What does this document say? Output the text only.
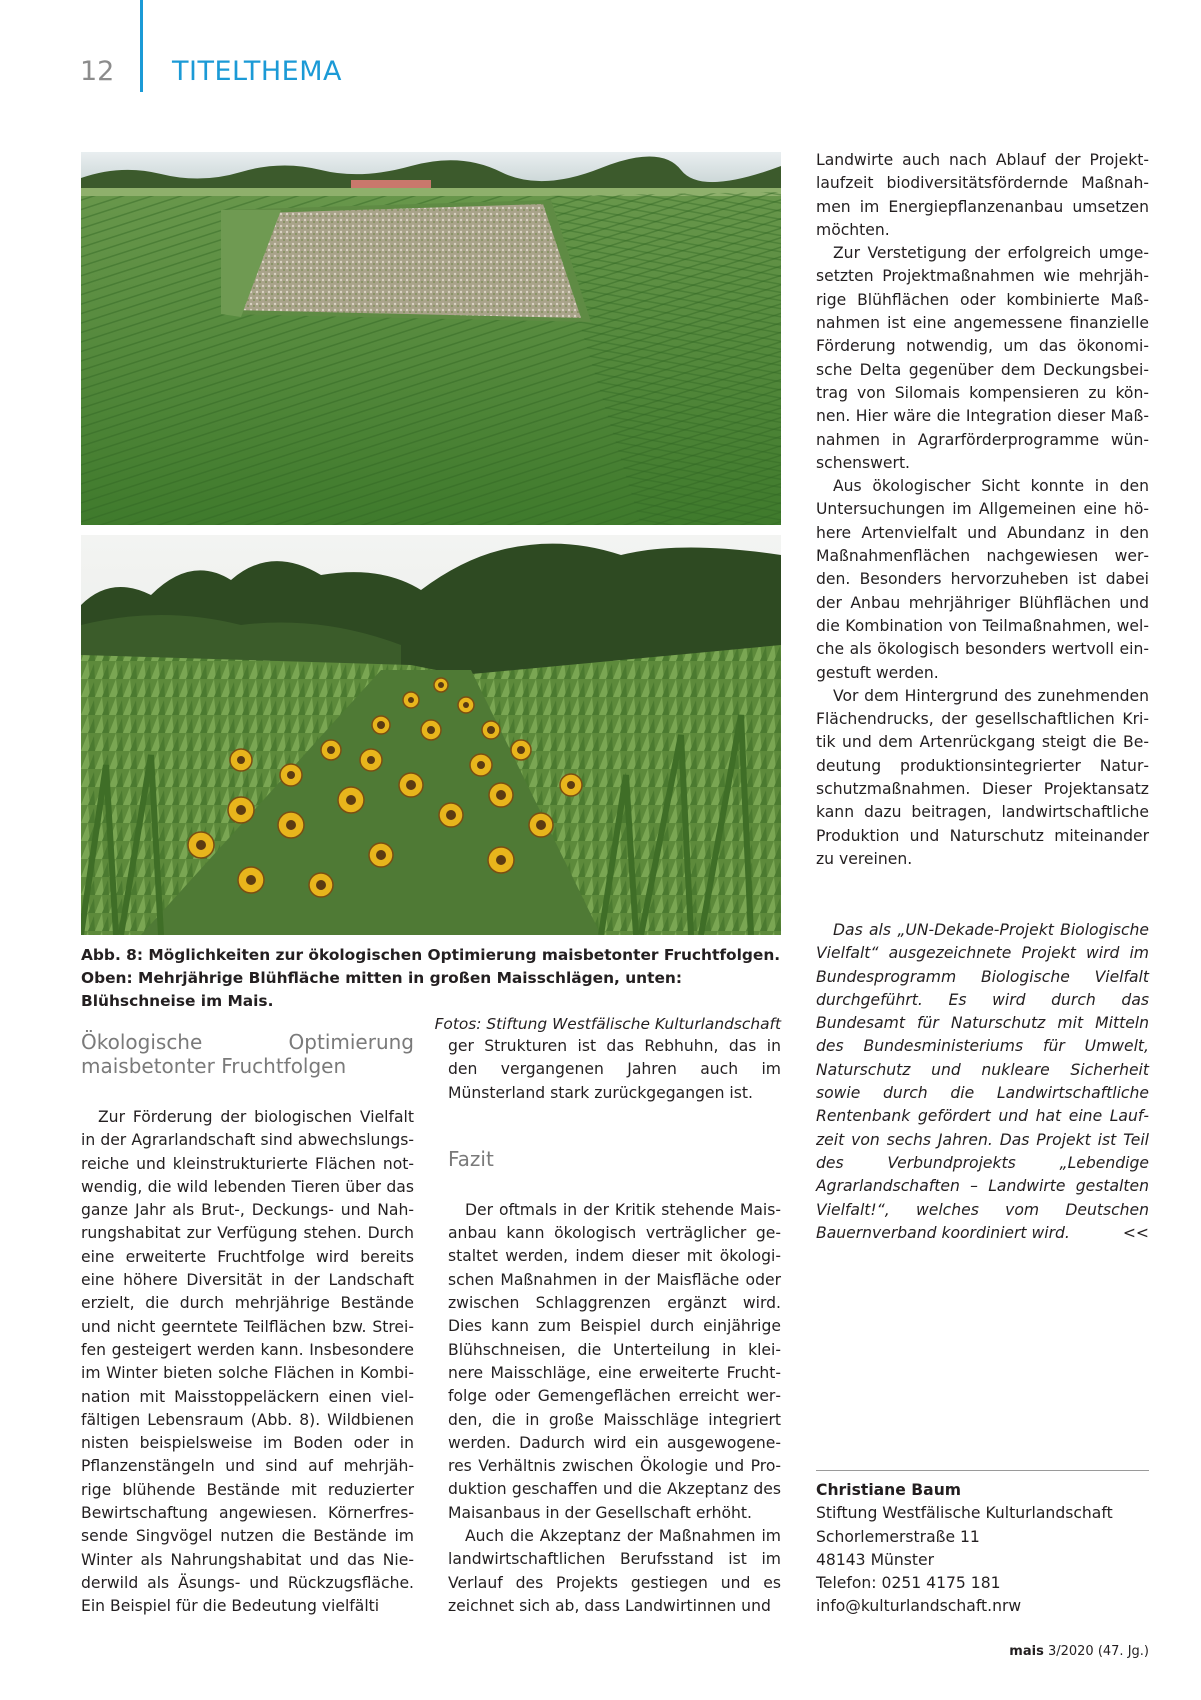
12 TITELTHEMA

Landwirte auch nach Ablauf der Projektlaufzeit biodiversitätsfördernde Maßnahmen im Energiepflanzenanbau umsetzen möchten.

Zur Verstetigung der erfolgreich umgesetzten Projektmaßnahmen wie mehrjährige Blühflächen oder kombinierte Maßnahmen ist eine angemessene finanzielle Förderung notwendig, um das ökonomische Delta gegenüber dem Deckungsbeitrag von Silomais kompensieren zu können. Hier wäre die Integration dieser Maßnahmen in Agrarförderprogramme wünschenswert.

Aus ökologischer Sicht konnte in den Untersuchungen im Allgemeinen eine höhere Artenvielfalt und Abundanz in den Maßnahmenflächen nachgewiesen werden. Besonders hervorzuheben ist dabei der Anbau mehrjähriger Blühflächen und die Kombination von Teilmaßnahmen, welche als ökologisch besonders wertvoll eingestuft werden.

Vor dem Hintergrund des zunehmenden Flächendrucks, der gesellschaftlichen Kritik und dem Artenrückgang steigt die Bedeutung produktionsintegrierter Naturschutzmaßnahmen. Dieser Projektansatz kann dazu beitragen, landwirtschaftliche Produktion und Naturschutz miteinander zu vereinen.

Abb. 8: Möglichkeiten zur ökologischen Optimierung maisbetonter Fruchtfolgen. Oben: Mehrjährige Blühfläche mitten in großen Maisschlägen, unten: Blühschneise im Mais.

Fotos: Stiftung Westfälische Kulturlandschaft

Ökologische Optimierung maisbetonter Fruchtfolgen

Zur Förderung der biologischen Vielfalt in der Agrarlandschaft sind abwechslungsreiche und kleinstrukturierte Flächen notwendig, die wild lebenden Tieren über das ganze Jahr als Brut-, Deckungs- und Nahrungshabitat zur Verfügung stehen. Durch eine erweiterte Fruchtfolge wird bereits eine höhere Diversität in der Landschaft erzielt, die durch mehrjährige Bestände und nicht geerntete Teilflächen bzw. Streifen gesteigert werden kann. Insbesondere im Winter bieten solche Flächen in Kombination mit Maisstoppeläckern einen vielfältigen Lebensraum (Abb. 8). Wildbienen nisten beispielsweise im Boden oder in Pflanzenstängeln und sind auf mehrjährige blühende Bestände mit reduzierter Bewirtschaftung angewiesen. Körnerfressende Singvögel nutzen die Bestände im Winter als Nahrungshabitat und das Niederwild als Äsungs- und Rückzugsfläche. Ein Beispiel für die Bedeutung vielfälti

ger Strukturen ist das Rebhuhn, das in den vergangenen Jahren auch im Münsterland stark zurückgegangen ist.

Fazit

Der oftmals in der Kritik stehende Maisanbau kann ökologisch verträglicher gestaltet werden, indem dieser mit ökologischen Maßnahmen in der Maisfläche oder zwischen Schlaggrenzen ergänzt wird. Dies kann zum Beispiel durch einjährige Blühschneisen, die Unterteilung in kleinere Maisschläge, eine erweiterte Fruchtfolge oder Gemengeflächen erreicht werden, die in große Maisschläge integriert werden. Dadurch wird ein ausgewogeneres Verhältnis zwischen Ökologie und Produktion geschaffen und die Akzeptanz des Maisanbaus in der Gesellschaft erhöht.

Auch die Akzeptanz der Maßnahmen im landwirtschaftlichen Berufsstand ist im Verlauf des Projekts gestiegen und es zeichnet sich ab, dass Landwirtinnen und

Das als „UN-Dekade-Projekt Biologische Vielfalt“ ausgezeichnete Projekt wird im Bundesprogramm Biologische Vielfalt durchgeführt. Es wird durch das Bundesamt für Naturschutz mit Mitteln des Bundesministeriums für Umwelt, Naturschutz und nukleare Sicherheit sowie durch die Landwirtschaftliche Rentenbank gefördert und hat eine Laufzeit von sechs Jahren. Das Projekt ist Teil des Verbundprojekts „Lebendige Agrarlandschaften – Landwirte gestalten Vielfalt!“, welches vom Deutschen Bauernverband koordiniert wird.	<<

Christiane Baum
Stiftung Westfälische Kulturlandschaft
Schorlemerstraße 11
48143 Münster
Telefon: 0251 4175 181
info@kulturlandschaft.nrw
mais 3/2020 (47. Jg.)
